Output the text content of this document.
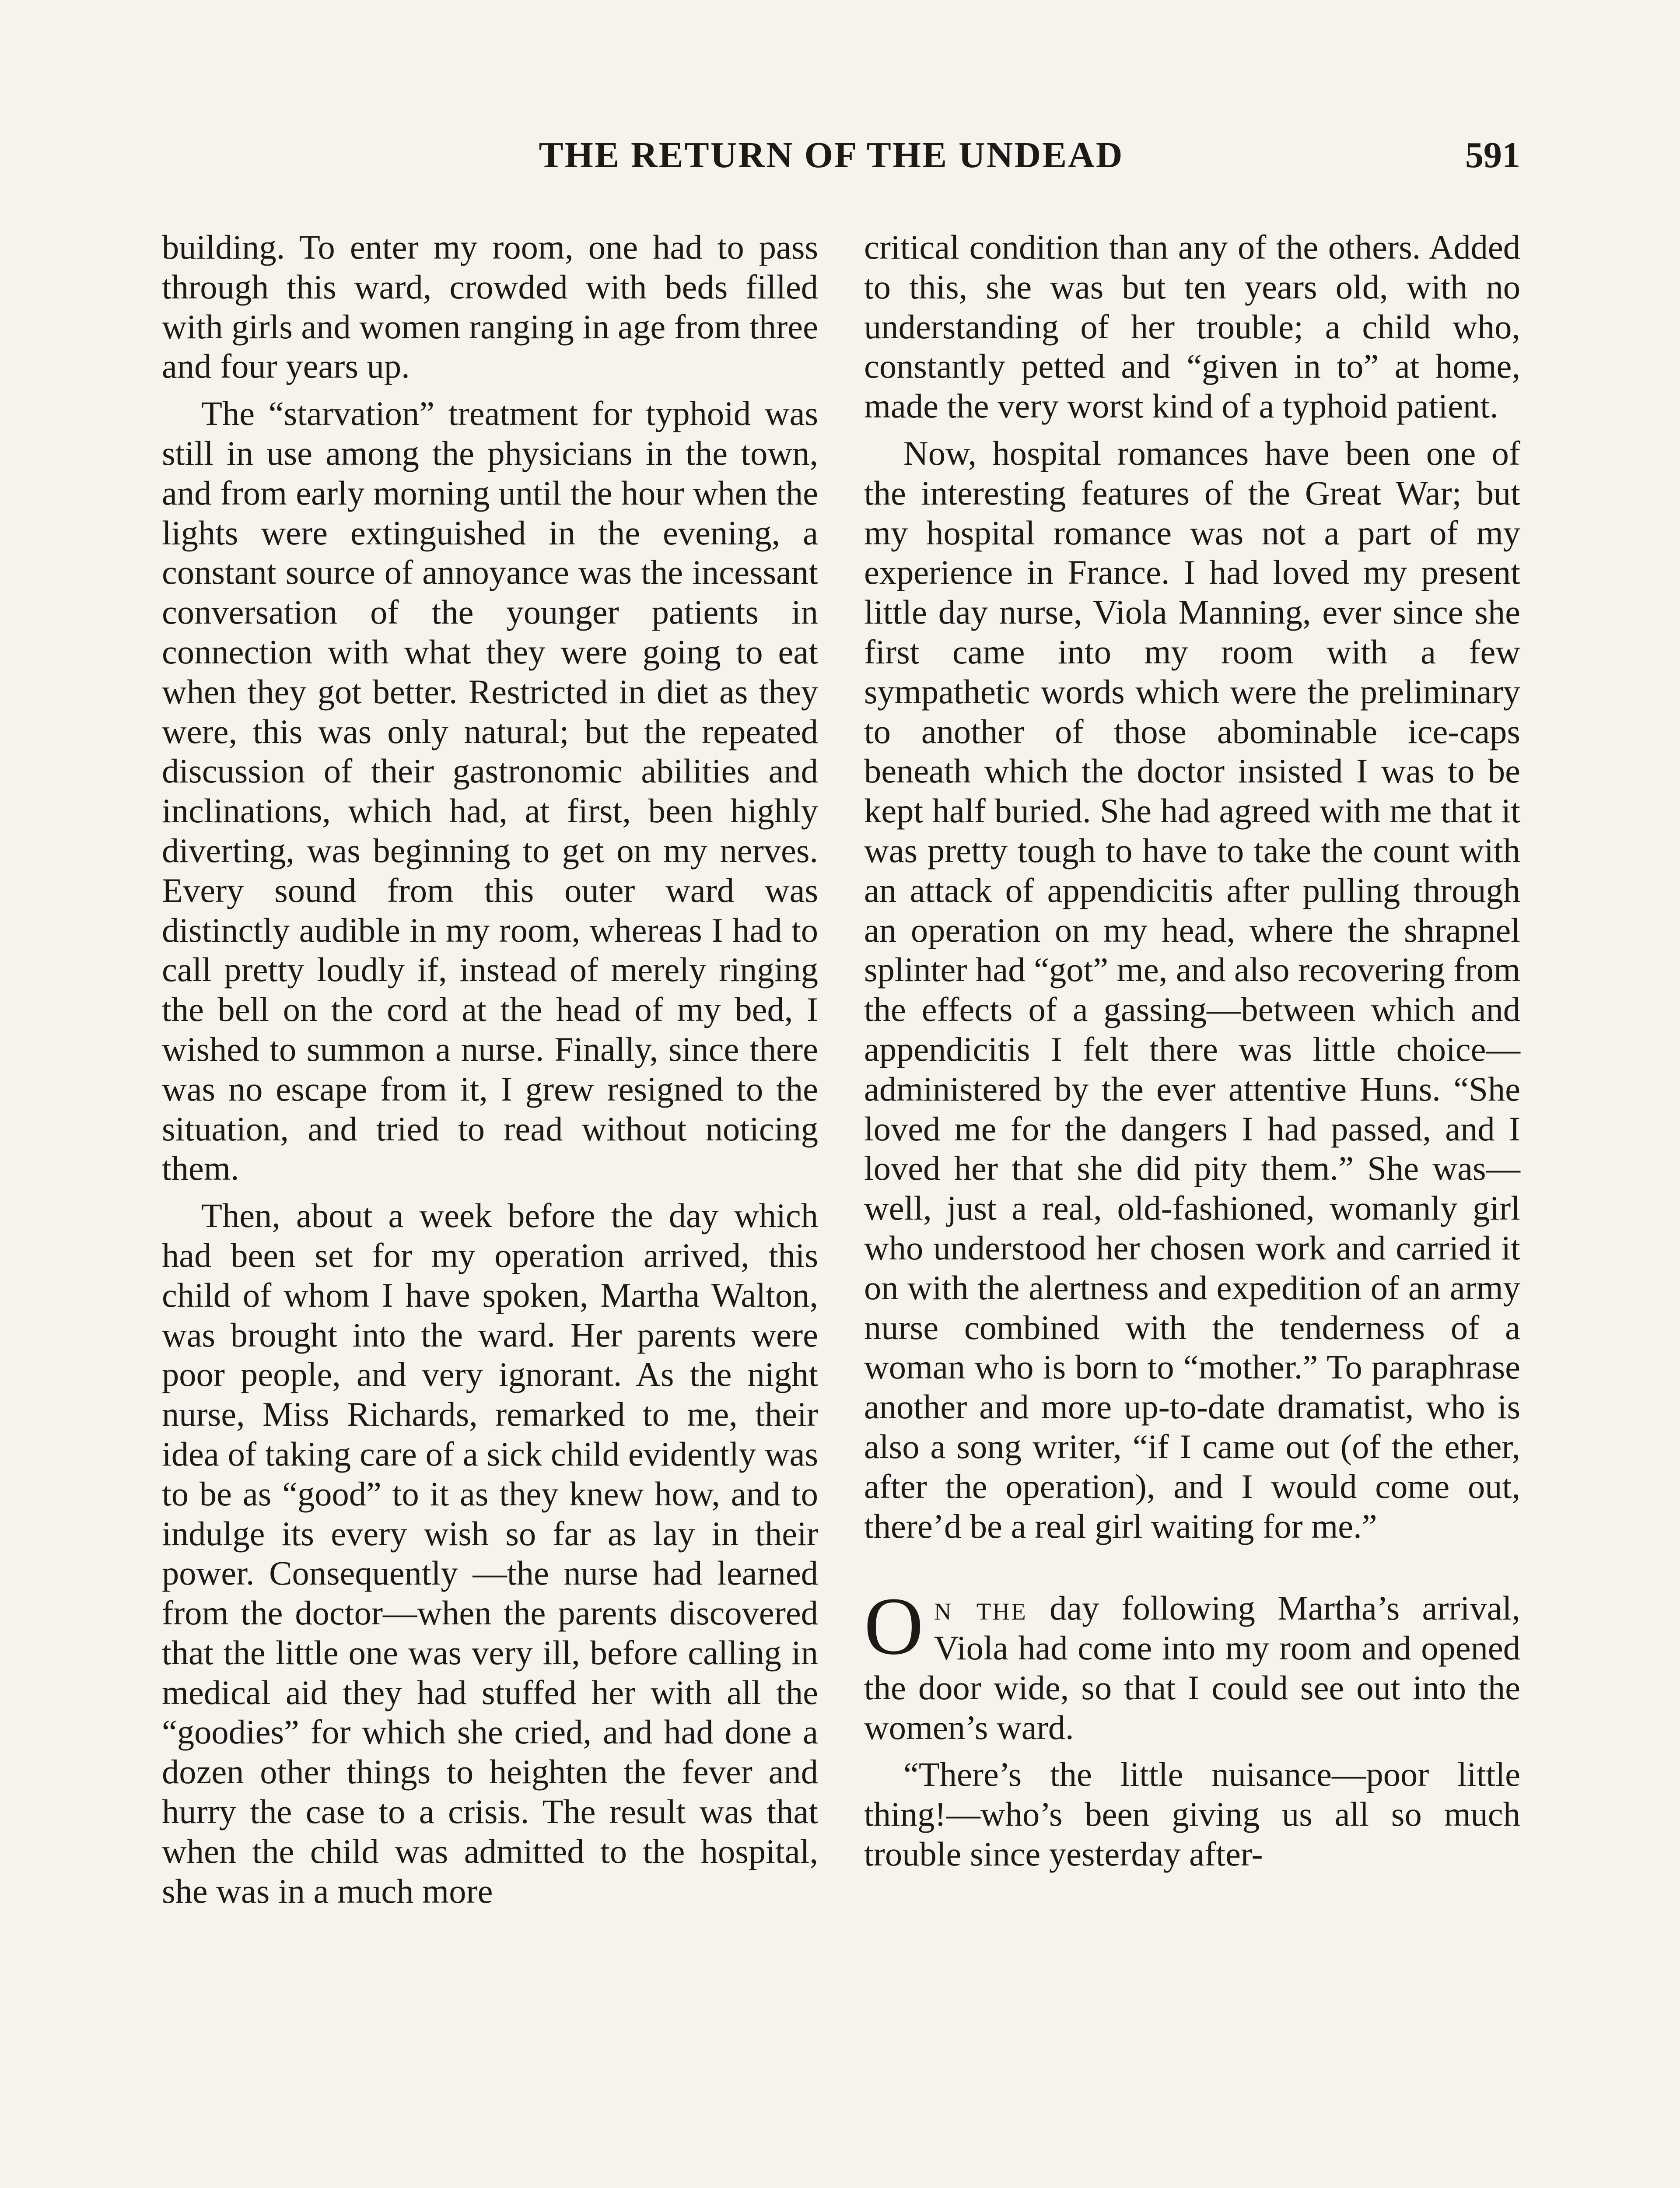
THE RETURN OF THE UNDEAD	591

building. To enter my room, one had to pass through this ward, crowded with beds filled with girls and women ranging in age from three and four years up.

The “starvation” treatment for typhoid was still in use among the physicians in the town, and from early morning until the hour when the lights were extinguished in the evening, a constant source of annoyance was the incessant conversation of the younger patients in connection with what they were going to eat when they got better. Restricted in diet as they were, this was only natural; but the repeated discussion of their gastronomic abilities and inclinations, which had, at first, been highly diverting, was beginning to get on my nerves. Every sound from this outer ward was distinctly audible in my room, whereas I had to call pretty loudly if, instead of merely ringing the bell on the cord at the head of my bed, I wished to summon a nurse. Finally, since there was no escape from it, I grew resigned to the situation, and tried to read without noticing them.

Then, about a week before the day which had been set for my operation arrived, this child of whom I have spoken, Martha Walton, was brought into the ward. Her parents were poor people, and very ignorant. As the night nurse, Miss Richards, remarked to me, their idea of taking care of a sick child evidently was to be as “good” to it as they knew how, and to indulge its every wish so far as lay in their power. Consequently —the nurse had learned from the doctor—when the parents discovered that the little one was very ill, before calling in medical aid they had stuffed her with all the “goodies” for which she cried, and had done a dozen other things to heighten the fever and hurry the case to a crisis. The result was that when the child was admitted to the hospital, she was in a much more

critical condition than any of the others. Added to this, she was but ten years old, with no understanding of her trouble; a child who, constantly petted and “given in to” at home, made the very worst kind of a typhoid patient.

Now, hospital romances have been one of the interesting features of the Great War; but my hospital romance was not a part of my experience in France. I had loved my present little day nurse, Viola Manning, ever since she first came into my room with a few sympathetic words which were the preliminary to another of those abominable ice-caps beneath which the doctor insisted I was to be kept half buried. She had agreed with me that it was pretty tough to have to take the count with an attack of appendicitis after pulling through an operation on my head, where the shrapnel splinter had “got” me, and also recovering from the effects of a gassing—between which and appendicitis I felt there was little choice—administered by the ever attentive Huns. “She loved me for the dangers I had passed, and I loved her that she did pity them.” She was—well, just a real, old-fashioned, womanly girl who understood her chosen work and carried it on with the alertness and expedition of an army nurse combined with the tenderness of a woman who is born to “mother.” To paraphrase another and more up-to-date dramatist, who is also a song writer, “if I came out (of the ether, after the operation), and I would come out, there’d be a real girl waiting for me.”

On the day following Martha’s arrival, Viola had come into my room and opened the door wide, so that I could see out into the women’s ward.

“There’s the little nuisance—poor little thing!—who’s been giving us all so much trouble since yesterday after-
